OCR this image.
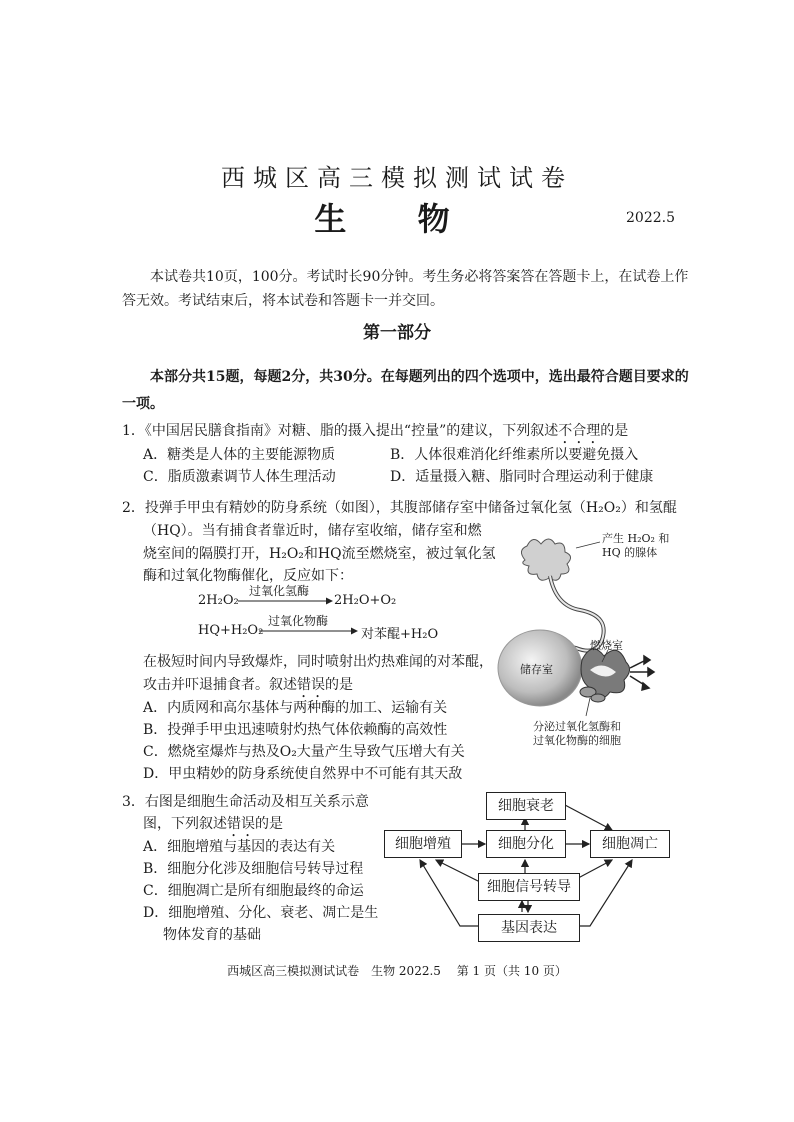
西城区高三模拟测试试卷
生 物	2022.5
本试卷共10页，100分。考试时长90分钟。考生务必将答案答在答题卡上，在试卷上作
答无效。考试结束后，将本试卷和答题卡一并交回。
第一部分
本部分共15题，每题2分，共30分。在每题列出的四个选项中，选出最符合题目要求的
一项。
1．《中国居民膳食指南》对糖、脂的摄入提出“控量”的建议，下列叙述不合理的是
A．糖类是人体的主要能源物质	B．人体很难消化纤维素所以要避免摄入
C．脂质激素调节人体生理活动	D．适量摄入糖、脂同时合理运动利于健康
2．投弹手甲虫有精妙的防身系统（如图），其腹部储存室中储备过氧化氢（H₂O₂）和氢醌
（HQ）。当有捕食者靠近时，储存室收缩，储存室和燃
烧室间的隔膜打开，H₂O₂和HQ流至燃烧室，被过氧化氢
酶和过氧化物酶催化，反应如下：
2H₂O₂
过氧化氢酶
2H₂O+O₂
HQ+H₂O₂
过氧化物酶
对苯醌+H₂O
在极短时间内导致爆炸，同时喷射出灼热难闻的对苯醌，
攻击并吓退捕食者。叙述错误的是
A．内质网和高尔基体与两种酶的加工、运输有关
B．投弹手甲虫迅速喷射灼热气体依赖酶的高效性
C．燃烧室爆炸与热及O₂大量产生导致气压增大有关
D．甲虫精妙的防身系统使自然界中不可能有其天敌
产生 H₂O₂ 和
HQ 的腺体
燃烧室
储存室
分泌过氧化氢酶和
过氧化物酶的细胞
3．右图是细胞生命活动及相互关系示意
图，下列叙述错误的是
A．细胞增殖与基因的表达有关
B．细胞分化涉及细胞信号转导过程
C．细胞凋亡是所有细胞最终的命运
D．细胞增殖、分化、衰老、凋亡是生
物体发育的基础
细胞衰老
细胞增殖	细胞分化	细胞凋亡
细胞信号转导
基因表达
西城区高三模拟测试试卷　生物 2022.5　 第 1 页（共 10 页）
